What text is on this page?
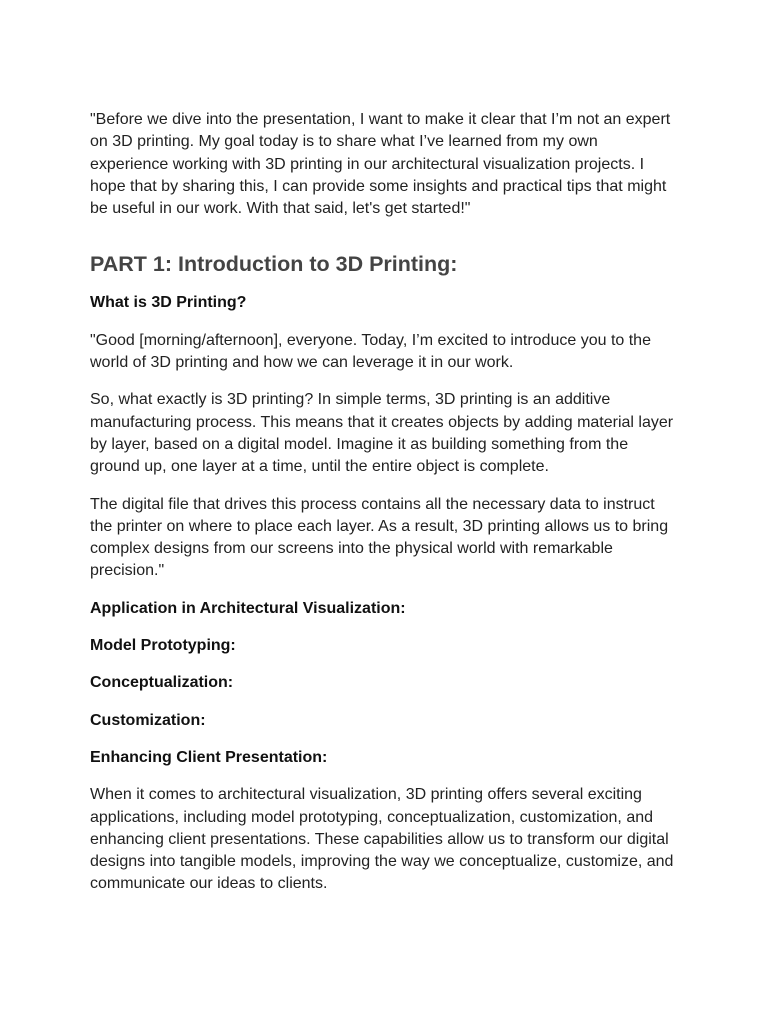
"Before we dive into the presentation, I want to make it clear that I’m not an expert on 3D printing. My goal today is to share what I’ve learned from my own experience working with 3D printing in our architectural visualization projects. I hope that by sharing this, I can provide some insights and practical tips that might be useful in our work. With that said, let's get started!"

PART 1: Introduction to 3D Printing:

What is 3D Printing?

"Good [morning/afternoon], everyone. Today, I’m excited to introduce you to the world of 3D printing and how we can leverage it in our work.

So, what exactly is 3D printing? In simple terms, 3D printing is an additive manufacturing process. This means that it creates objects by adding material layer by layer, based on a digital model. Imagine it as building something from the ground up, one layer at a time, until the entire object is complete.

The digital file that drives this process contains all the necessary data to instruct the printer on where to place each layer. As a result, 3D printing allows us to bring complex designs from our screens into the physical world with remarkable precision."

Application in Architectural Visualization:

Model Prototyping:
Conceptualization:
Customization:
Enhancing Client Presentation:

When it comes to architectural visualization, 3D printing offers several exciting applications, including model prototyping, conceptualization, customization, and enhancing client presentations. These capabilities allow us to transform our digital designs into tangible models, improving the way we conceptualize, customize, and communicate our ideas to clients.
